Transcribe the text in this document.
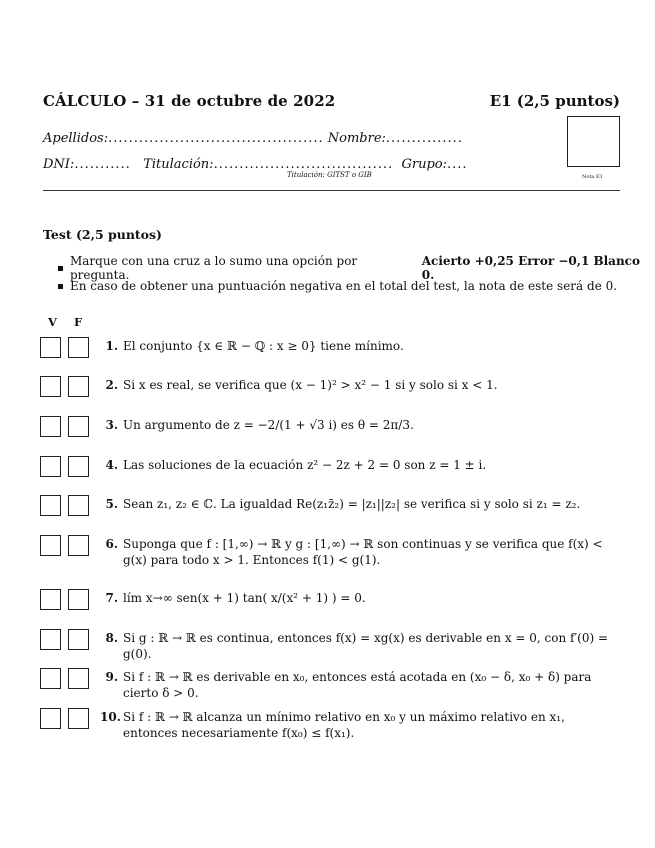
CÁLCULO – 31 de octubre de 2022	E1 (2,5 puntos)
Nota E1
Apellidos:.......................................... Nombre:...............
DNI:........... Titulación:................................... Grupo:....
Titulación: GITST o GIB
Test (2,5 puntos)
Marque con una cruz a lo sumo una opción por pregunta.

Acierto +0,25 Error −0,1 Blanco 0.
En caso de obtener una puntuación negativa en el total del test, la nota de este será de 0.
V F
1. El conjunto {x ∈ ℝ − ℚ : x ≥ 0} tiene mínimo.
2. Si x es real, se verifica que (x − 1)² > x² − 1 si y solo si x < 1.
3. Un argumento de z = −2/(1 + √3 i) es θ = 2π/3.
4. Las soluciones de la ecuación z² − 2z + 2 = 0 son z = 1 ± i.
5. Sean z₁, z₂ ∈ ℂ. La igualdad Re(z₁z̄₂) = |z₁||z₂| se verifica si y solo si z₁ = z₂.
6. Suponga que f : [1,∞) → ℝ y g : [1,∞) → ℝ son continuas y se verifica que f(x) < g(x) para todo x > 1. Entonces f(1) < g(1).
7. lím x→∞ sen(x + 1) tan( x/(x² + 1) ) = 0.
8. Si g : ℝ → ℝ es continua, entonces f(x) = xg(x) es derivable en x = 0, con f′(0) = g(0).
9. Si f : ℝ → ℝ es derivable en x₀, entonces está acotada en (x₀ − δ, x₀ + δ) para cierto δ > 0.
10. Si f : ℝ → ℝ alcanza un mínimo relativo en x₀ y un máximo relativo en x₁, entonces necesariamente f(x₀) ≤ f(x₁).
